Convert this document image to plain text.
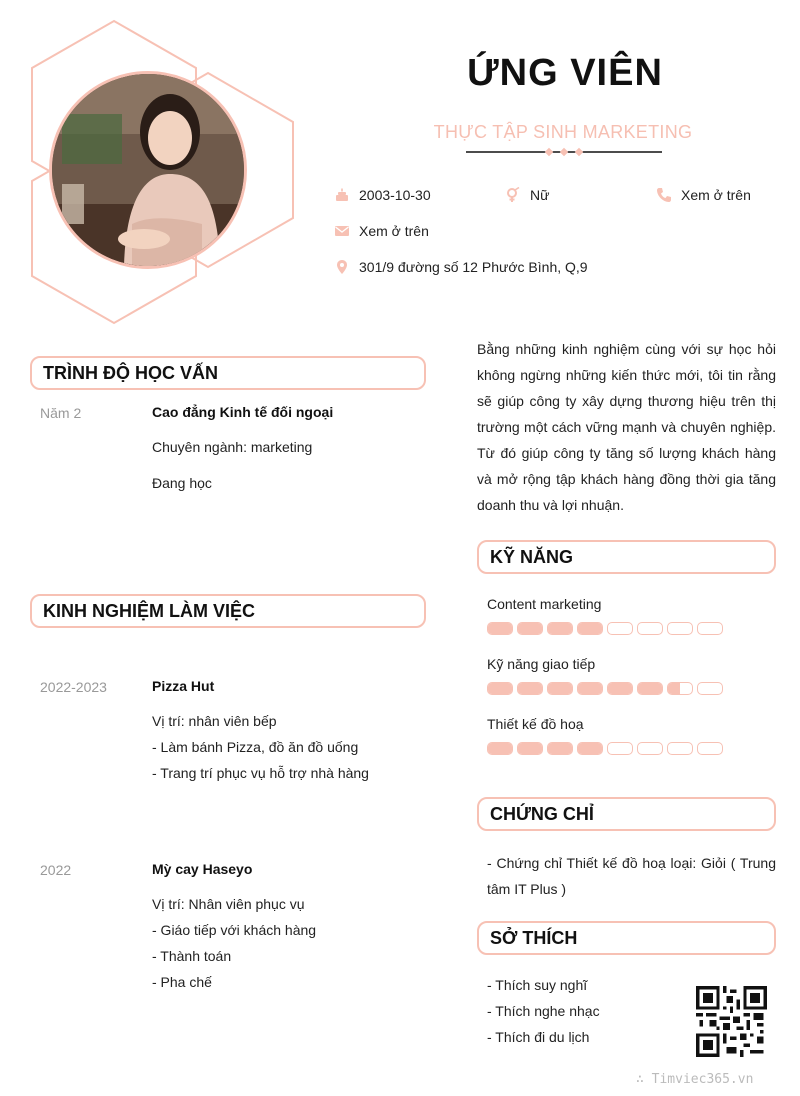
ỨNG VIÊN
THỰC TẬP SINH MARKETING
2003-10-30	Nữ	Xem ở trên
Xem ở trên
301/9 đường số 12 Phước Bình, Q,9
Bằng những kinh nghiệm cùng với sự học hỏi không ngừng những kiến thức mới, tôi tin rằng sẽ giúp công ty xây dựng thương hiệu trên thị trường một cách vững mạnh và chuyên nghiệp. Từ đó giúp công ty tăng số lượng khách hàng và mở rộng tập khách hàng đồng thời gia tăng doanh thu và lợi nhuận.
TRÌNH ĐỘ HỌC VẤN
Năm 2	Cao đẳng Kinh tế đối ngoại
Chuyên ngành: marketing
Đang học
KINH NGHIỆM LÀM VIỆC
2022-2023	Pizza Hut
Vị trí: nhân viên bếp
- Làm bánh Pizza, đồ ăn đồ uống
- Trang trí phục vụ hỗ trợ nhà hàng
2022	Mỳ cay Haseyo
Vị trí: Nhân viên phục vụ
- Giáo tiếp với khách hàng
- Thành toán
- Pha chế
KỸ NĂNG
Content marketing
Kỹ năng giao tiếp
Thiết kế đồ hoạ
CHỨNG CHỈ
- Chứng chỉ Thiết kế đồ hoạ loại: Giỏi ( Trung tâm IT Plus )
SỞ THÍCH
- Thích suy nghĩ
- Thích nghe nhạc
- Thích đi du lịch
∴ Timviec365.vn
